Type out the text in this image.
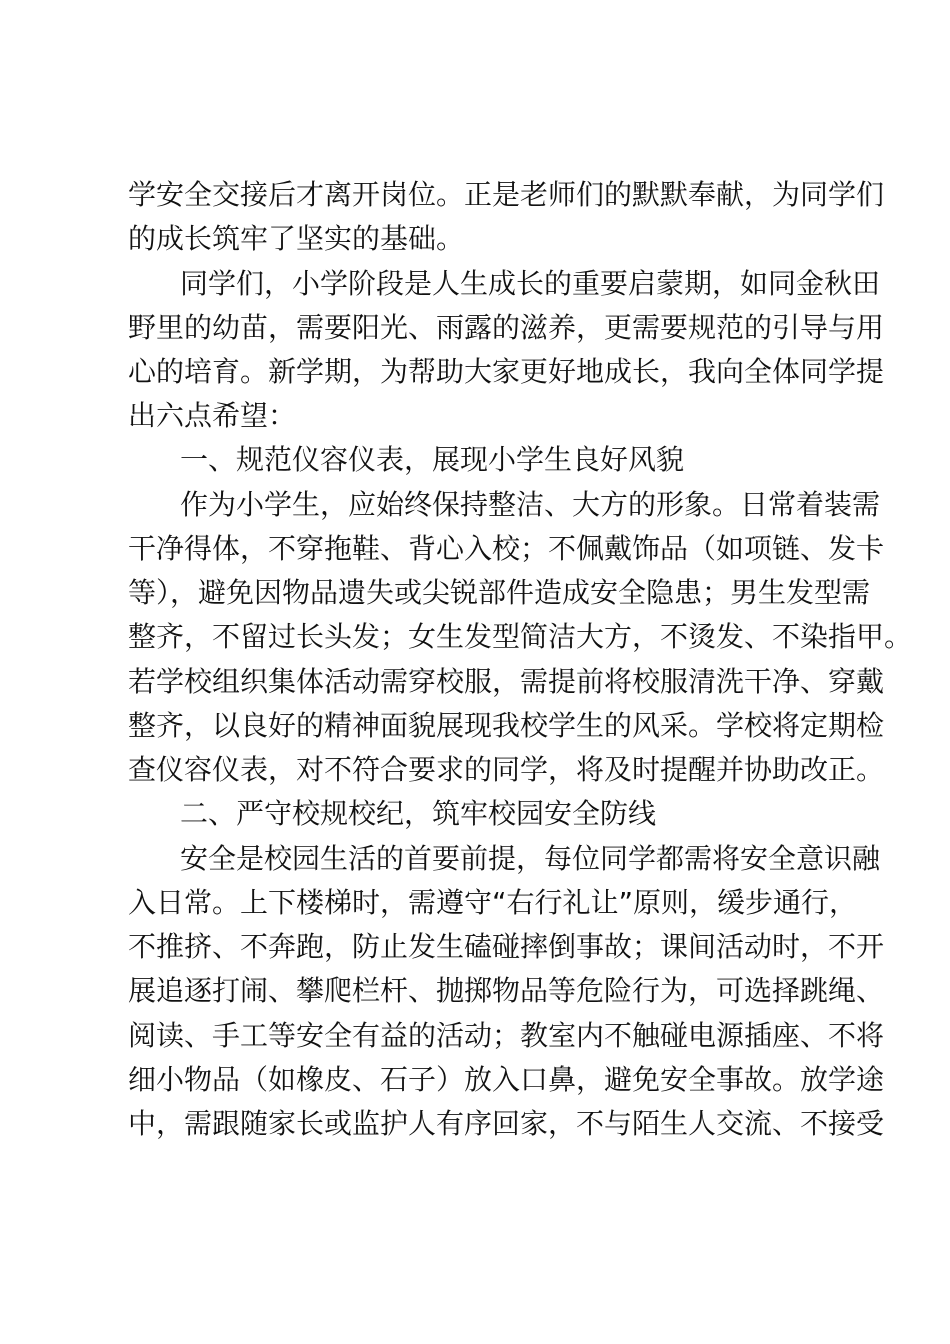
学安全交接后才离开岗位。正是老师们的默默奉献，为同学们
的成长筑牢了坚实的基础。
同学们，小学阶段是人生成长的重要启蒙期，如同金秋田
野里的幼苗，需要阳光、雨露的滋养，更需要规范的引导与用
心的培育。新学期，为帮助大家更好地成长，我向全体同学提
出六点希望：
一、规范仪容仪表，展现小学生良好风貌
作为小学生，应始终保持整洁、大方的形象。日常着装需
干净得体，不穿拖鞋、背心入校；不佩戴饰品（如项链、发卡
等），避免因物品遗失或尖锐部件造成安全隐患；男生发型需
整齐，不留过长头发；女生发型简洁大方，不烫发、不染指甲。
若学校组织集体活动需穿校服，需提前将校服清洗干净、穿戴
整齐，以良好的精神面貌展现我校学生的风采。学校将定期检
查仪容仪表，对不符合要求的同学，将及时提醒并协助改正。
二、严守校规校纪，筑牢校园安全防线
安全是校园生活的首要前提，每位同学都需将安全意识融
入日常。上下楼梯时，需遵守“右行礼让”原则，缓步通行，
不推挤、不奔跑，防止发生磕碰摔倒事故；课间活动时，不开
展追逐打闹、攀爬栏杆、抛掷物品等危险行为，可选择跳绳、
阅读、手工等安全有益的活动；教室内不触碰电源插座、不将
细小物品（如橡皮、石子）放入口鼻，避免安全事故。放学途
中，需跟随家长或监护人有序回家，不与陌生人交流、不接受
